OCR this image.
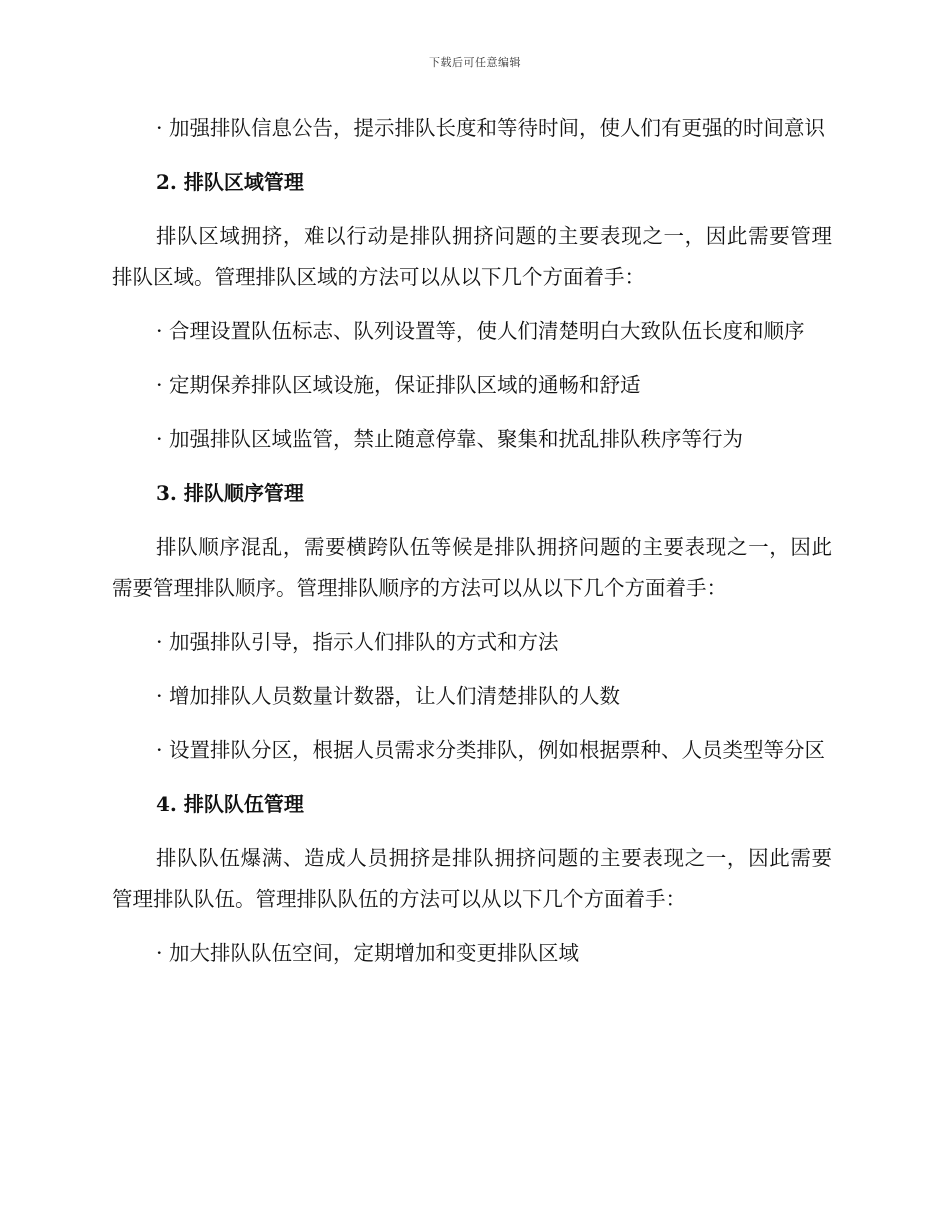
下载后可任意编辑

· 加强排队信息公告，提示排队长度和等待时间，使人们有更强的时间意识

2. 排队区域管理

排队区域拥挤，难以行动是排队拥挤问题的主要表现之一，因此需要管理排队区域。管理排队区域的方法可以从以下几个方面着手：

· 合理设置队伍标志、队列设置等，使人们清楚明白大致队伍长度和顺序

· 定期保养排队区域设施，保证排队区域的通畅和舒适

· 加强排队区域监管，禁止随意停靠、聚集和扰乱排队秩序等行为

3. 排队顺序管理

排队顺序混乱，需要横跨队伍等候是排队拥挤问题的主要表现之一，因此需要管理排队顺序。管理排队顺序的方法可以从以下几个方面着手：

· 加强排队引导，指示人们排队的方式和方法

· 增加排队人员数量计数器，让人们清楚排队的人数

· 设置排队分区，根据人员需求分类排队，例如根据票种、人员类型等分区

4. 排队队伍管理

排队队伍爆满、造成人员拥挤是排队拥挤问题的主要表现之一，因此需要管理排队队伍。管理排队队伍的方法可以从以下几个方面着手：

· 加大排队队伍空间，定期增加和变更排队区域
